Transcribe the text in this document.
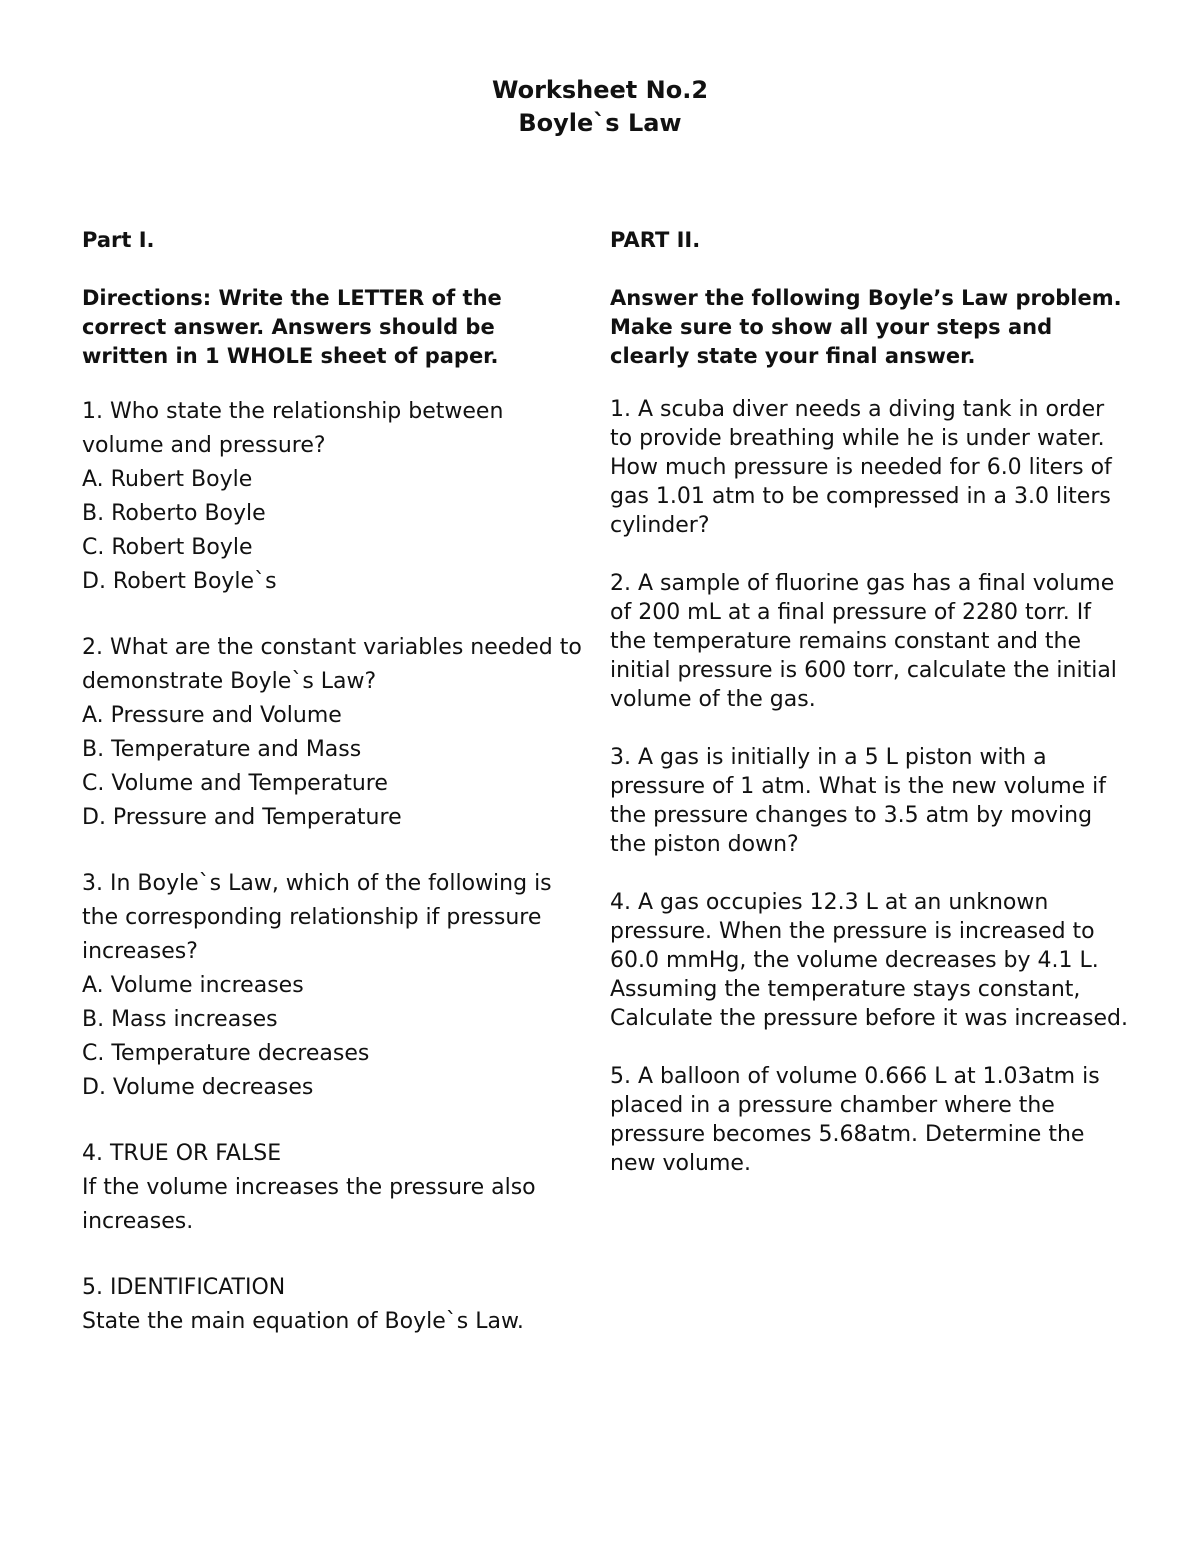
Worksheet No.2
Boyle`s Law
Part I.
Directions: Write the LETTER of the correct answer. Answers should be written in 1 WHOLE sheet of paper.
1. Who state the relationship between volume and pressure?
A. Rubert Boyle
B. Roberto Boyle
C. Robert Boyle
D. Robert Boyle`s
2. What are the constant variables needed to demonstrate Boyle`s Law?
A. Pressure and Volume
B. Temperature and Mass
C. Volume and Temperature
D. Pressure and Temperature
3. In Boyle`s Law, which of the following is the corresponding relationship if pressure increases?
A. Volume increases
B. Mass increases
C. Temperature decreases
D. Volume decreases
4. TRUE OR FALSE
If the volume increases the pressure also increases.
5. IDENTIFICATION
State the main equation of Boyle`s Law.
PART II.
Answer the following Boyle’s Law problem. Make sure to show all your steps and clearly state your final answer.
1. A scuba diver needs a diving tank in order to provide breathing while he is under water. How much pressure is needed for 6.0 liters of gas 1.01 atm to be compressed in a 3.0 liters cylinder?
2. A sample of fluorine gas has a final volume of 200 mL at a final pressure of 2280 torr. If the temperature remains constant and the initial pressure is 600 torr, calculate the initial volume of the gas.
3. A gas is initially in a 5 L piston with a pressure of 1 atm. What is the new volume if the pressure changes to 3.5 atm by moving the piston down?
4. A gas occupies 12.3 L at an unknown pressure. When the pressure is increased to 60.0 mmHg, the volume decreases by 4.1 L. Assuming the temperature stays constant, Calculate the pressure before it was increased.
5. A balloon of volume 0.666 L at 1.03atm is placed in a pressure chamber where the pressure becomes 5.68atm. Determine the new volume.
